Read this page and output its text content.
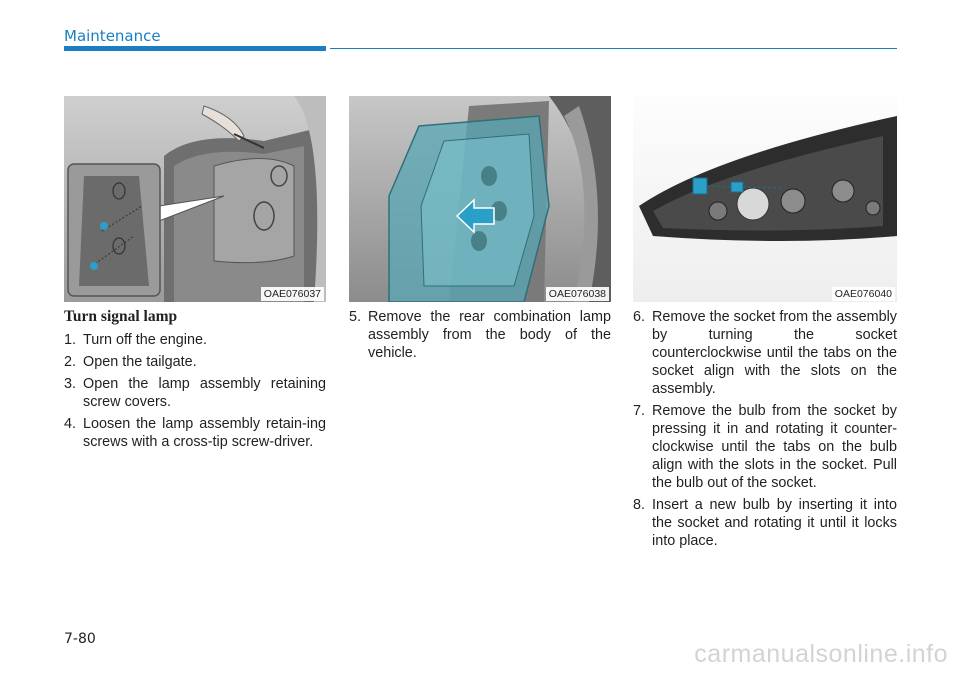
Maintenance
OAE076037	OAE076038	OAE076040
Turn signal lamp
1. Turn off the engine.
2. Open the tailgate.
3. Open the lamp assembly retaining screw covers.
4. Loosen the lamp assembly retain-ing screws with a cross-tip screw-driver.
5. Remove the rear combination lamp assembly from the body of the vehicle.
6. Remove the socket from the assembly by turning the socket counterclockwise until the tabs on the socket align with the slots on the assembly.
7. Remove the bulb from the socket by pressing it in and rotating it counter-clockwise until the tabs on the bulb align with the slots in the socket. Pull the bulb out of the socket.
8. Insert a new bulb by inserting it into the socket and rotating it until it locks into place.
7-80
carmanualsonline.info
